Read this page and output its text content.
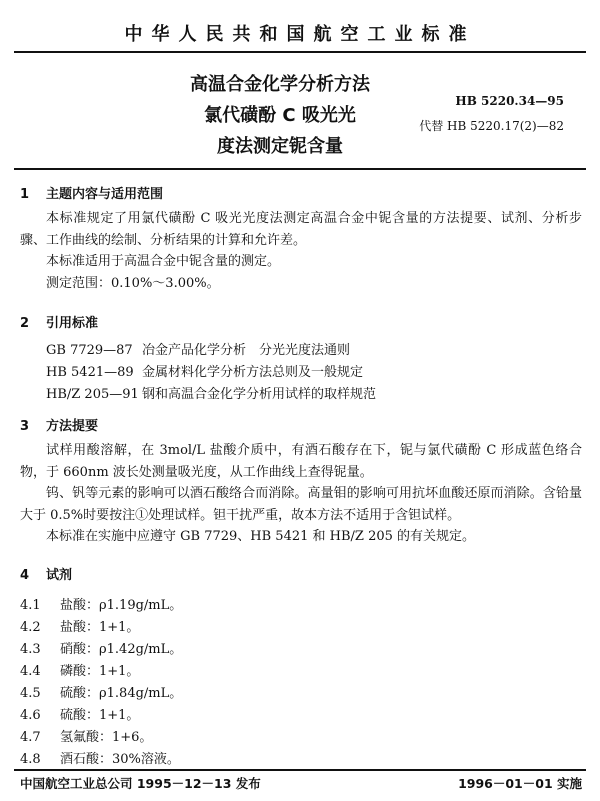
中华人民共和国航空工业标准
高温合金化学分析方法
氯代磺酚 C 吸光光
度法测定铌含量
HB 5220.34—95
代替 HB 5220.17(2)—82
1 主题内容与适用范围

本标准规定了用氯代磺酚 C 吸光光度法测定高温合金中铌含量的方法提要、试剂、分析步骤、工作曲线的绘制、分析结果的计算和允许差。

本标准适用于高温合金中铌含量的测定。

测定范围：0.10%～3.00%。

2 引用标准
GB 7729—87 冶金产品化学分析　分光光度法通则
HB 5421—89 金属材料化学分析方法总则及一般规定
HB/Z 205—91 钢和高温合金化学分析用试样的取样规范
3 方法提要

试样用酸溶解，在 3mol/L 盐酸介质中，有酒石酸存在下，铌与氯代磺酚 C 形成蓝色络合物，于 660nm 波长处测量吸光度，从工作曲线上查得铌量。

钨、钒等元素的影响可以酒石酸络合而消除。高量钼的影响可用抗坏血酸还原而消除。含铪量大于 0.5%时要按注①处理试样。钽干扰严重，故本方法不适用于含钽试样。

本标准在实施中应遵守 GB 7729、HB 5421 和 HB/Z 205 的有关规定。

4 试剂
4.1 盐酸：ρ1.19g/mL。
4.2 盐酸：1+1。
4.3 硝酸：ρ1.42g/mL。
4.4 磷酸：1+1。
4.5 硫酸：ρ1.84g/mL。
4.6 硫酸：1+1。
4.7 氢氟酸：1+6。
4.8 酒石酸：30%溶液。
中国航空工业总公司 1995－12－13 发布	1996－01－01 实施
